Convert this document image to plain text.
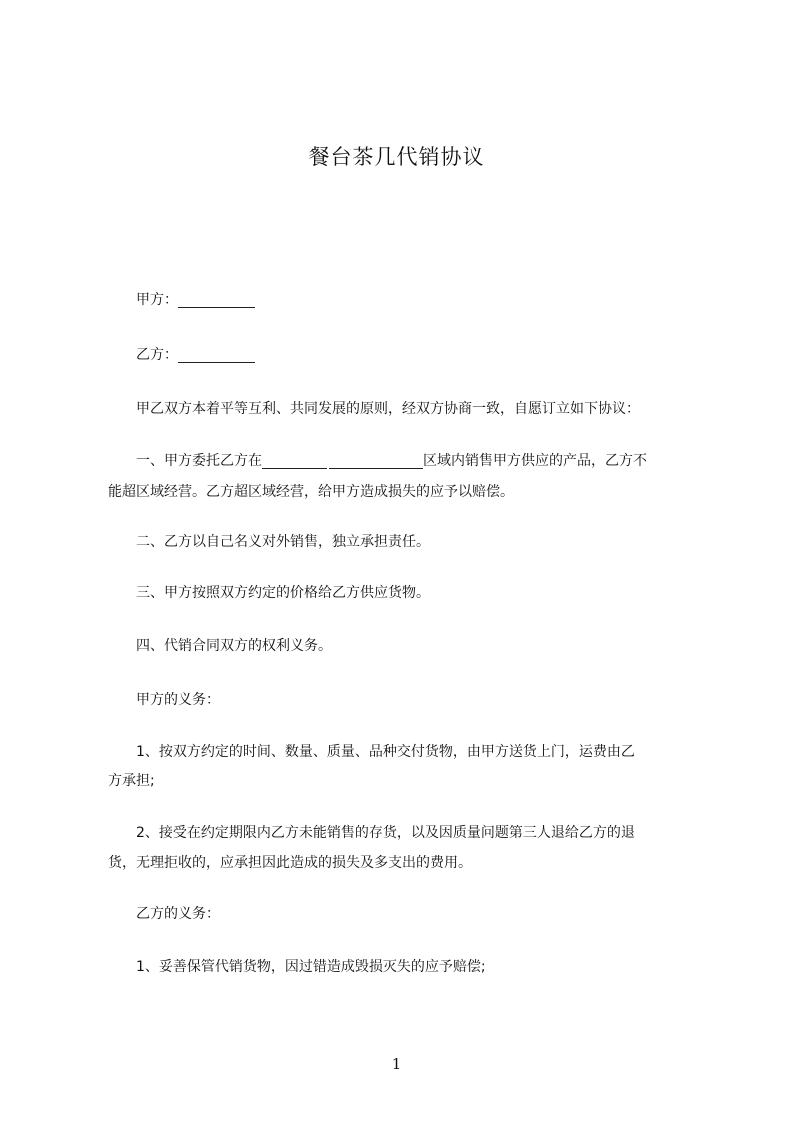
餐台茶几代销协议
甲方：
乙方：
甲乙双方本着平等互利、共同发展的原则，经双方协商一致，自愿订立如下协议：
一、甲方委托乙方在	区域内销售甲方供应的产品，乙方不
能超区域经营。乙方超区域经营，给甲方造成损失的应予以赔偿。
二、乙方以自己名义对外销售，独立承担责任。
三、甲方按照双方约定的价格给乙方供应货物。
四、代销合同双方的权利义务。
甲方的义务：
1、按双方约定的时间、数量、质量、品种交付货物，由甲方送货上门，运费由乙
方承担;
2、接受在约定期限内乙方未能销售的存货，以及因质量问题第三人退给乙方的退
货，无理拒收的，应承担因此造成的损失及多支出的费用。
乙方的义务：
1、妥善保管代销货物，因过错造成毁损灭失的应予赔偿;
1
